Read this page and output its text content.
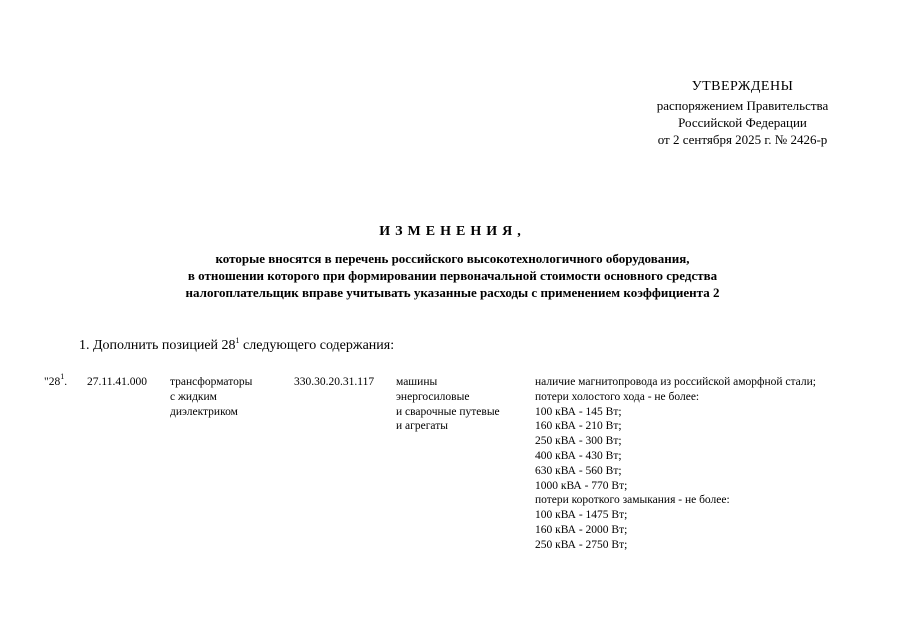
УТВЕРЖДЕНЫ
распоряжением Правительства
Российской Федерации
от 2 сентября 2025 г. № 2426-р
ИЗМЕНЕНИЯ,
которые вносятся в перечень российского высокотехнологичного оборудования,
в отношении которого при формировании первоначальной стоимости основного средства
налогоплательщик вправе учитывать указанные расходы с применением коэффициента 2
1. Дополнить позицией $28^1$ следующего содержания:
"$28^1$. 27.11.41.000 трансформаторы
с жидким
диэлектриком
330.30.20.31.117 машины
энергосиловые
и сварочные путевые
и агрегаты
наличие магнитопровода из российской аморфной стали;
потери холостого хода - не более:
100 кВА - 145 Вт;
160 кВА - 210 Вт;
250 кВА - 300 Вт;
400 кВА - 430 Вт;
630 кВА - 560 Вт;
1000 кВА - 770 Вт;
потери короткого замыкания - не более:
100 кВА - 1475 Вт;
160 кВА - 2000 Вт;
250 кВА - 2750 Вт;
